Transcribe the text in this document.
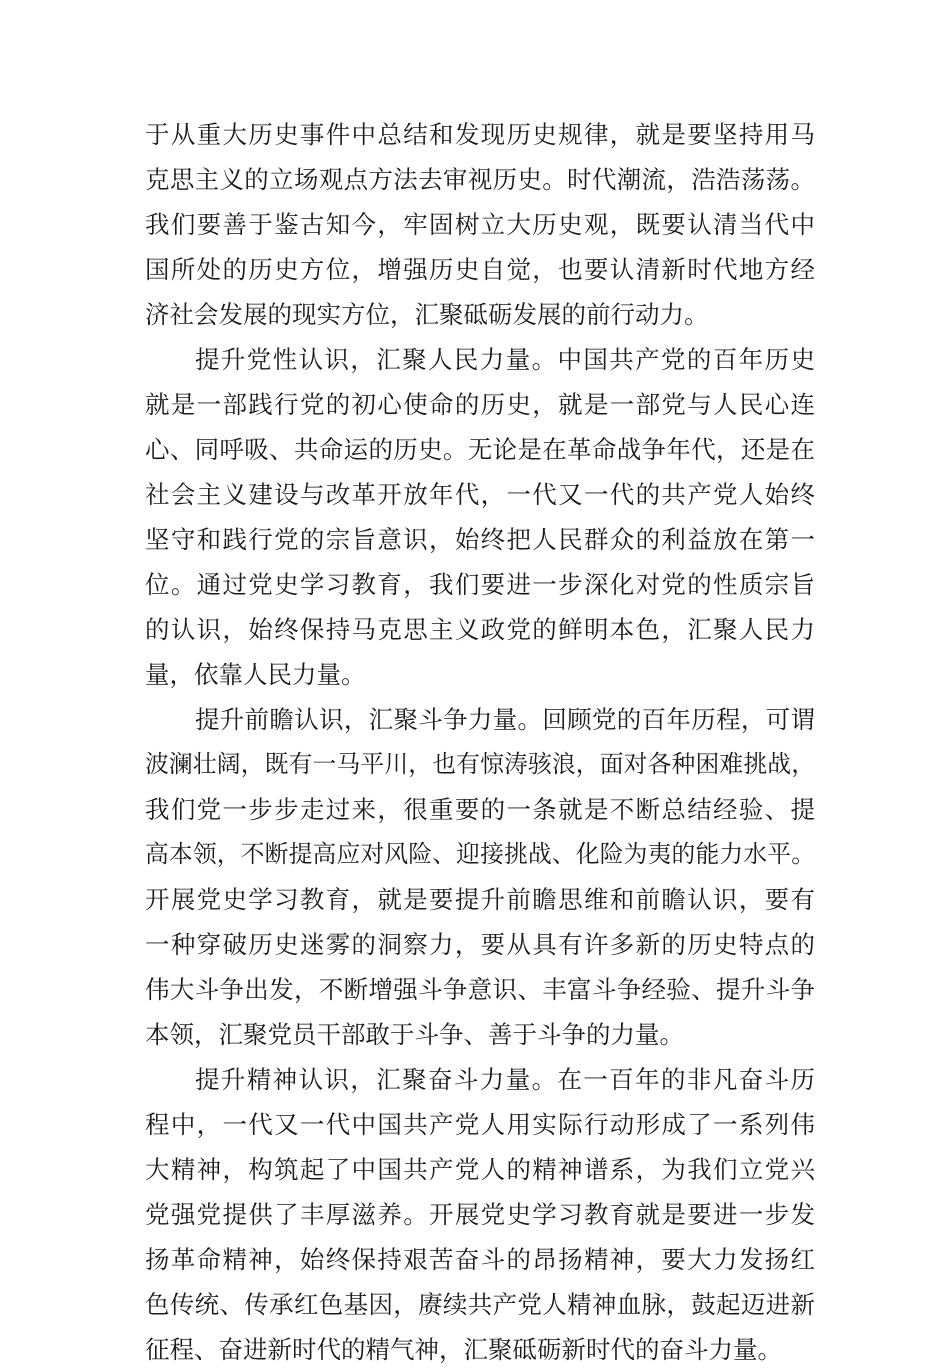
于从重大历史事件中总结和发现历史规律，就是要坚持用马
克思主义的立场观点方法去审视历史。时代潮流，浩浩荡荡。
我们要善于鉴古知今，牢固树立大历史观，既要认清当代中
国所处的历史方位，增强历史自觉，也要认清新时代地方经
济社会发展的现实方位，汇聚砥砺发展的前行动力。
提升党性认识，汇聚人民力量。中国共产党的百年历史
就是一部践行党的初心使命的历史，就是一部党与人民心连
心、同呼吸、共命运的历史。无论是在革命战争年代，还是在
社会主义建设与改革开放年代，一代又一代的共产党人始终
坚守和践行党的宗旨意识，始终把人民群众的利益放在第一
位。通过党史学习教育，我们要进一步深化对党的性质宗旨
的认识，始终保持马克思主义政党的鲜明本色，汇聚人民力
量，依靠人民力量。
提升前瞻认识，汇聚斗争力量。回顾党的百年历程，可谓
波澜壮阔，既有一马平川，也有惊涛骇浪，面对各种困难挑战，
我们党一步步走过来，很重要的一条就是不断总结经验、提
高本领，不断提高应对风险、迎接挑战、化险为夷的能力水平。
开展党史学习教育，就是要提升前瞻思维和前瞻认识，要有
一种穿破历史迷雾的洞察力，要从具有许多新的历史特点的
伟大斗争出发，不断增强斗争意识、丰富斗争经验、提升斗争
本领，汇聚党员干部敢于斗争、善于斗争的力量。
提升精神认识，汇聚奋斗力量。在一百年的非凡奋斗历
程中，一代又一代中国共产党人用实际行动形成了一系列伟
大精神，构筑起了中国共产党人的精神谱系，为我们立党兴
党强党提供了丰厚滋养。开展党史学习教育就是要进一步发
扬革命精神，始终保持艰苦奋斗的昂扬精神，要大力发扬红
色传统、传承红色基因，赓续共产党人精神血脉，鼓起迈进新
征程、奋进新时代的精气神，汇聚砥砺新时代的奋斗力量。
